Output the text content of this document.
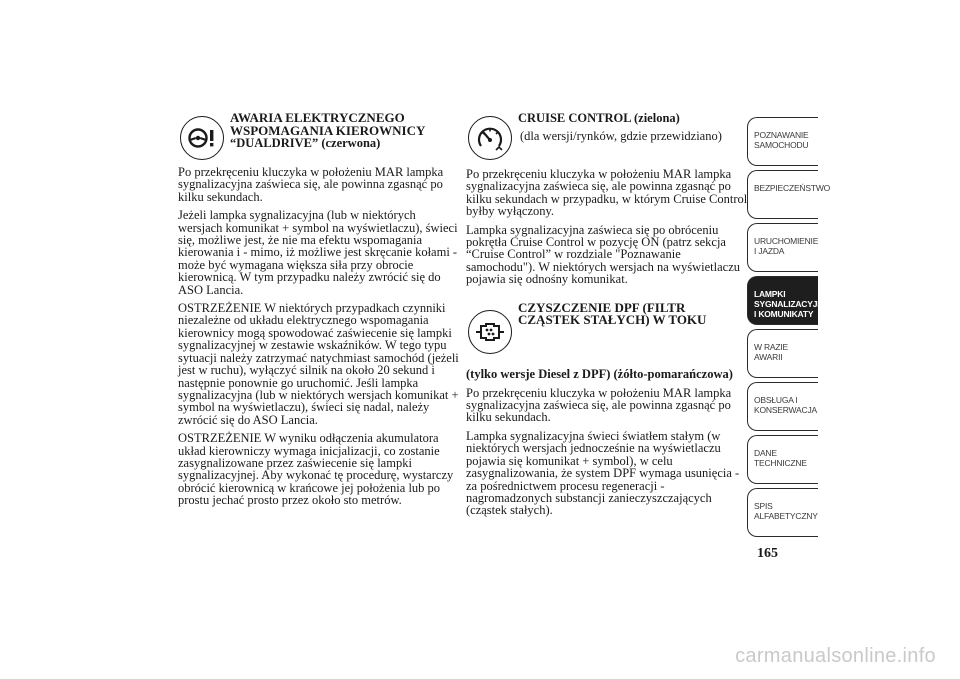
AWARIA ELEKTRYCZNEGO
WSPOMAGANIA KIEROWNICY
“DUALDRIVE” (czerwona)

Po przekręceniu kluczyka w położeniu MAR lampka sygnalizacyjna zaświeca się, ale powinna zgasnąć po kilku sekundach.

Jeżeli lampka sygnalizacyjna (lub w niektórych wersjach komunikat + symbol na wyświetlaczu), świeci się, możliwe jest, że nie ma efektu wspomagania kierowania i - mimo, iż możliwe jest skręcanie kołami - może być wymagana większa siła przy obrocie kierownicą. W tym przypadku należy zwrócić się do ASO Lancia.

OSTRZEŻENIE W niektórych przypadkach czynniki niezależne od układu elektrycznego wspomagania kierownicy mogą spowodować zaświecenie się lampki sygnalizacyjnej w zestawie wskaźników. W tego typu sytuacji należy zatrzymać natychmiast samochód (jeżeli jest w ruchu), wyłączyć silnik na około 20 sekund i następnie ponownie go uruchomić. Jeśli lampka sygnalizacyjna (lub w niektórych wersjach komunikat + symbol na wyświetlaczu), świeci się nadal, należy zwrócić się do ASO Lancia.

OSTRZEŻENIE W wyniku odłączenia akumulatora układ kierowniczy wymaga inicjalizacji, co zostanie zasygnalizowane przez zaświecenie się lampki sygnalizacyjnej. Aby wykonać tę procedurę, wystarczy obrócić kierownicą w krańcowe jej położenia lub po prostu jechać prosto przez około sto metrów.

CRUISE CONTROL (zielona)
(dla wersji/rynków, gdzie przewidziano)

Po przekręceniu kluczyka w położeniu MAR lampka sygnalizacyjna zaświeca się, ale powinna zgasnąć po kilku sekundach w przypadku, w którym Cruise Control byłby wyłączony.

Lampka sygnalizacyjna zaświeca się po obróceniu pokrętła Cruise Control w pozycję ON (patrz sekcja “Cruise Control” w rozdziale "Poznawanie samochodu"). W niektórych wersjach na wyświetlaczu pojawia się odnośny komunikat.

CZYSZCZENIE DPF (FILTR
CZĄSTEK STAŁYCH) W TOKU
(tylko wersje Diesel z DPF) (żółto-pomarańczowa)

Po przekręceniu kluczyka w położeniu MAR lampka sygnalizacyjna zaświeca się, ale powinna zgasnąć po kilku sekundach.

Lampka sygnalizacyjna świeci światłem stałym (w niektórych wersjach jednocześnie na wyświetlaczu pojawia się komunikat + symbol), w celu zasygnalizowania, że system DPF wymaga usunięcia - za pośrednictwem procesu regeneracji - nagromadzonych substancji zanieczyszczających (cząstek stałych).

POZNAWANIE SAMOCHODU
BEZPIECZEŃSTWO
URUCHOMIENIE I JAZDA
LAMPKI SYGNALIZACYJNE I KOMUNIKATY
W RAZIE AWARII
OBSŁUGA I KONSERWACJA
DANE TECHNICZNE
SPIS ALFABETYCZNY
165
carmanualsonline.info
